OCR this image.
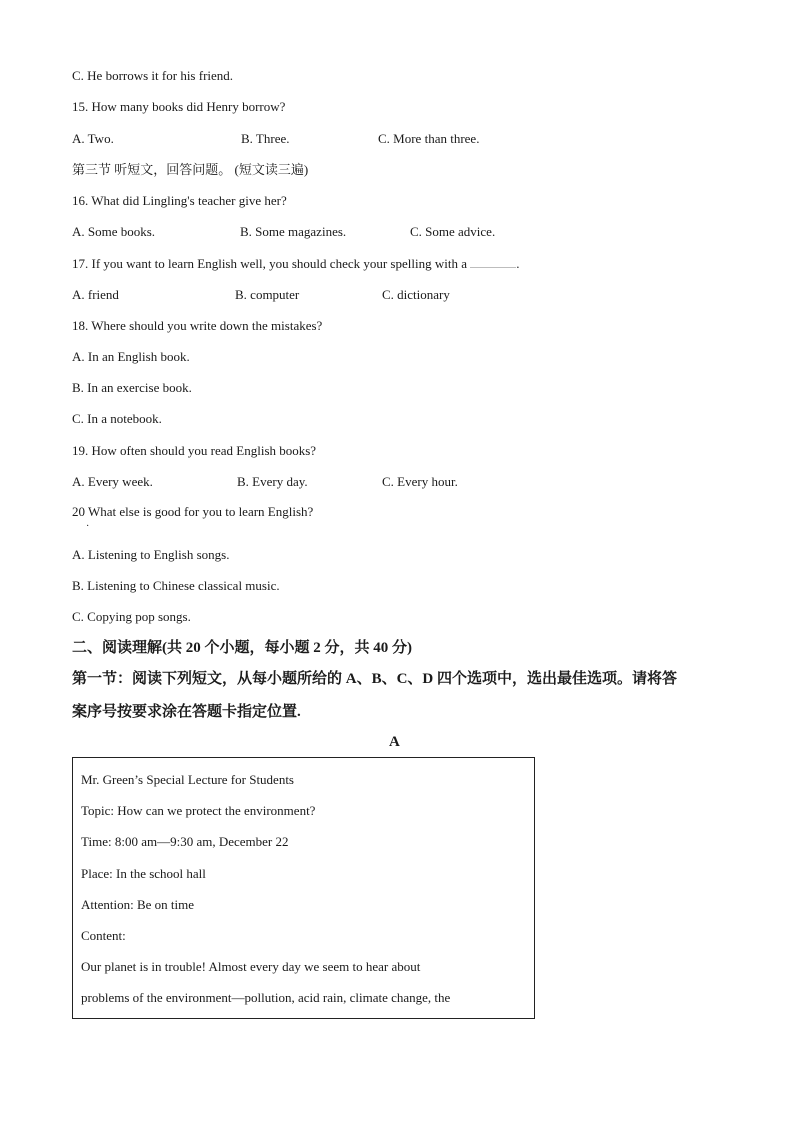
C. He borrows it for his friend.
15. How many books did Henry borrow?
A. Two.	B. Three.	C. More than three.
第三节 听短文，回答问题。 (短文读三遍)
16. What did Lingling's teacher give her?
A. Some books.	B. Some magazines.	C. Some advice.
17. If you want to learn English well, you should check your spelling with a	.
A. friend	B. computer	C. dictionary
18. Where should you write down the mistakes?
A. In an English book.
B. In an exercise book.
C. In a notebook.
19. How often should you read English books?
A. Every week.	B. Every day.	C. Every hour.
20 What else is good for you to learn English?
·
A. Listening to English songs.
B. Listening to Chinese classical music.
C. Copying pop songs.
二、阅读理解(共 20 个小题，每小题 2 分，共 40 分)
第一节：阅读下列短文，从每小题所给的 A、B、C、D 四个选项中，选出最佳选项。请将答
案序号按要求涂在答题卡指定位置.
A
Mr. Green’s Special Lecture for Students
Topic: How can we protect the environment?
Time: 8:00 am—9:30 am, December 22
Place: In the school hall
Attention: Be on time
Content:
Our planet is in trouble! Almost every day we seem to hear about
problems of the environment—pollution, acid rain, climate change, the
